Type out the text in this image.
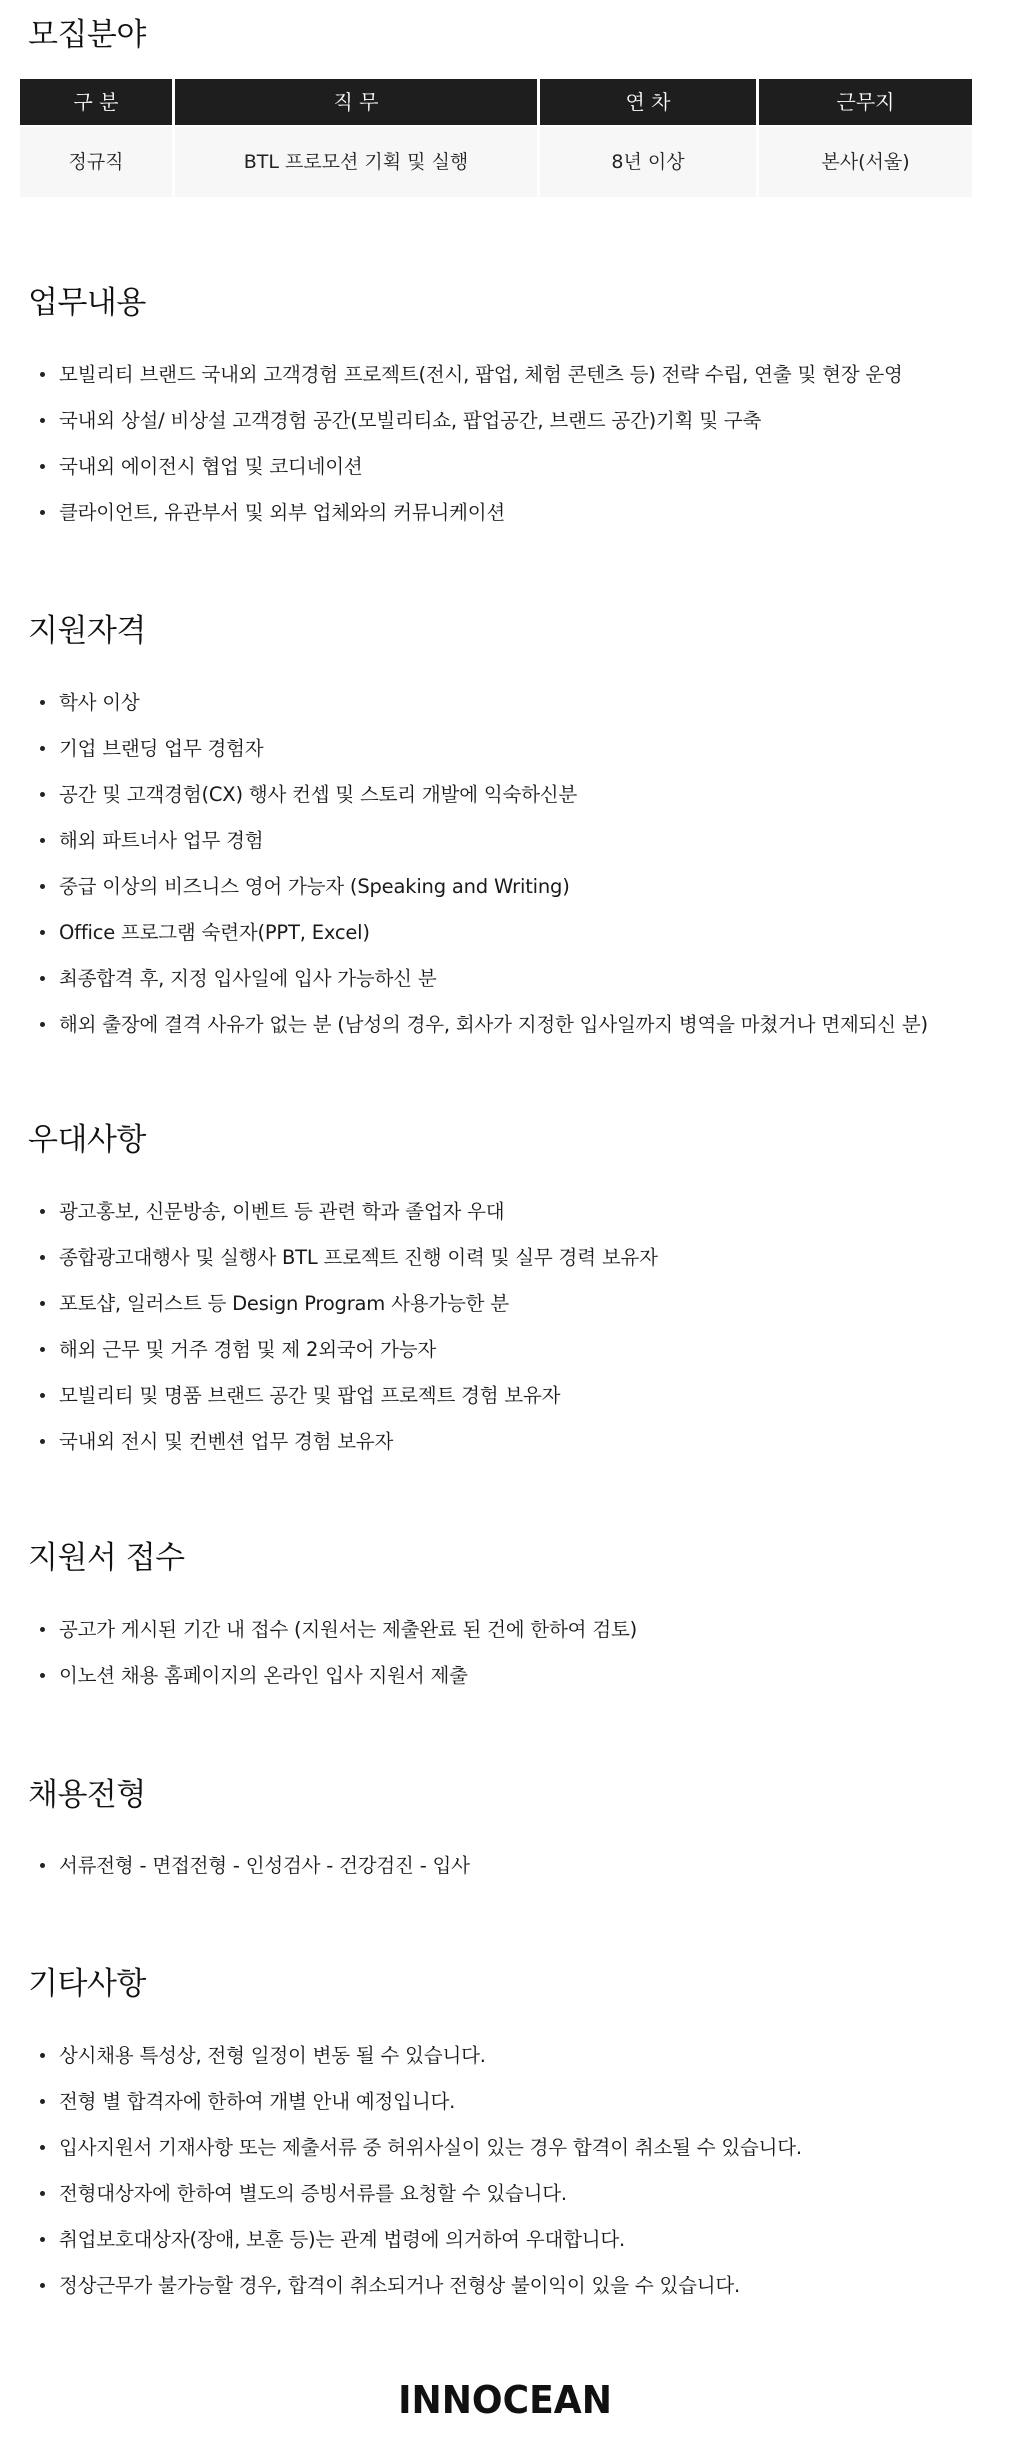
모집분야
구 분	직 무	연 차	근무지
정규직	BTL 프로모션 기획 및 실행	8년 이상	본사(서울)
업무내용
모빌리티 브랜드 국내외 고객경험 프로젝트(전시, 팝업, 체험 콘텐츠 등) 전략 수립, 연출 및 현장 운영
국내외 상설/ 비상설 고객경험 공간(모빌리티쇼, 팝업공간, 브랜드 공간)기획 및 구축
국내외 에이전시 협업 및 코디네이션
클라이언트, 유관부서 및 외부 업체와의 커뮤니케이션
지원자격
학사 이상
기업 브랜딩 업무 경험자
공간 및 고객경험(CX) 행사 컨셉 및 스토리 개발에 익숙하신분
해외 파트너사 업무 경험
중급 이상의 비즈니스 영어 가능자 (Speaking and Writing)
Office 프로그램 숙련자(PPT, Excel)
최종합격 후, 지정 입사일에 입사 가능하신 분
해외 출장에 결격 사유가 없는 분 (남성의 경우, 회사가 지정한 입사일까지 병역을 마쳤거나 면제되신 분)
우대사항
광고홍보, 신문방송, 이벤트 등 관련 학과 졸업자 우대
종합광고대행사 및 실행사 BTL 프로젝트 진행 이력 및 실무 경력 보유자
포토샵, 일러스트 등 Design Program 사용가능한 분
해외 근무 및 거주 경험 및 제 2외국어 가능자
모빌리티 및 명품 브랜드 공간 및 팝업 프로젝트 경험 보유자
국내외 전시 및 컨벤션 업무 경험 보유자
지원서 접수
공고가 게시된 기간 내 접수 (지원서는 제출완료 된 건에 한하여 검토)
이노션 채용 홈페이지의 온라인 입사 지원서 제출
채용전형
서류전형 - 면접전형 - 인성검사 - 건강검진 - 입사
기타사항
상시채용 특성상, 전형 일정이 변동 될 수 있습니다.
전형 별 합격자에 한하여 개별 안내 예정입니다.
입사지원서 기재사항 또는 제출서류 중 허위사실이 있는 경우 합격이 취소될 수 있습니다.
전형대상자에 한하여 별도의 증빙서류를 요청할 수 있습니다.
취업보호대상자(장애, 보훈 등)는 관계 법령에 의거하여 우대합니다.
정상근무가 불가능할 경우, 합격이 취소되거나 전형상 불이익이 있을 수 있습니다.
INNOCEAN
